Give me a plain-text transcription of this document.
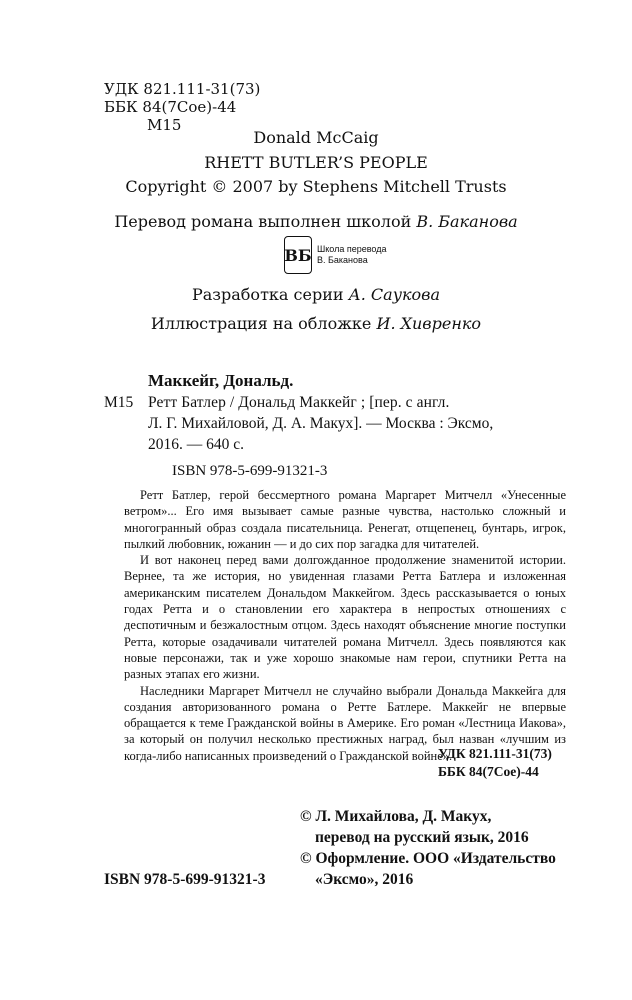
УДК 821.111-31(73)
ББК 84(7Сое)-44
М15
Donald McCaig
RHETT BUTLER’S PEOPLE
Copyright © 2007 by Stephens Mitchell Trusts
Перевод романа выполнен школой В. Баканова
ВБ Школа перевода
В. Баканова
Разработка серии А. Саукова
Иллюстрация на обложке И. Хивренко
Маккейг, Дональд.
М15 Ретт Батлер / Дональд Маккейг ; [пер. с англ.
Л. Г. Михайловой, Д. А. Макух]. — Москва : Эксмо,
2016. — 640 с.
ISBN 978-5-699-91321-3

Ретт Батлер, герой бессмертного романа Маргарет Митчелл «Унесенные ветром»... Его имя вызывает самые разные чувства, настолько сложный и многогранный образ создала писательница. Ренегат, отщепенец, бунтарь, игрок, пылкий любовник, южанин — и до сих пор загадка для читателей.

И вот наконец перед вами долгожданное продолжение знаменитой истории. Вернее, та же история, но увиденная глазами Ретта Батлера и изложенная американским писателем Дональдом Маккейгом. Здесь рассказывается о юных годах Ретта и о становлении его характера в непростых отношениях с деспотичным и безжалостным отцом. Здесь находят объяснение многие поступки Ретта, которые озадачивали читателей романа Митчелл. Здесь появляются как новые персонажи, так и уже хорошо знакомые нам герои, спутники Ретта на разных этапах его жизни.

Наследники Маргарет Митчелл не случайно выбрали Дональда Маккейга для создания авторизованного романа о Ретте Батлере. Маккейг не впервые обращается к теме Гражданской войны в Америке. Его роман «Лестница Иакова», за который он получил несколько престижных наград, был назван «лучшим из когда-либо написанных произведений о Гражданской войне».

УДК 821.111-31(73)
ББК 84(7Сое)-44
© Л. Михайлова, Д. Макух,
перевод на русский язык, 2016
© Оформление. ООО «Издательство
«Эксмо», 2016
ISBN 978-5-699-91321-3
